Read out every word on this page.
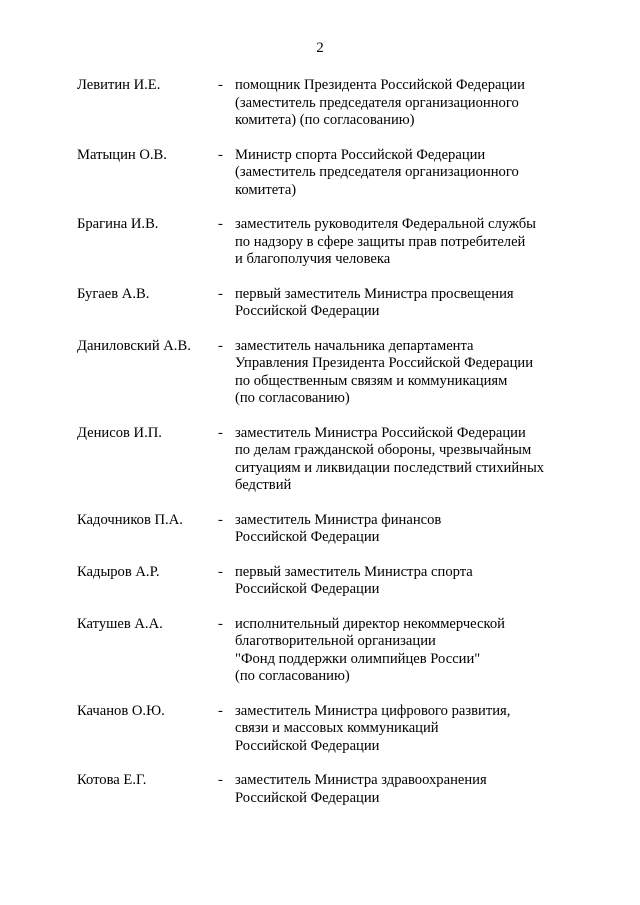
2
Левитин И.Е.	- помощник Президента Российской Федерации
(заместитель председателя организационного
комитета) (по согласованию)
Матыцин О.В.	- Министр спорта Российской Федерации
(заместитель председателя организационного
комитета)
Брагина И.В.	- заместитель руководителя Федеральной службы
по надзору в сфере защиты прав потребителей
и благополучия человека
Бугаев А.В.	- первый заместитель Министра просвещения
Российской Федерации
Даниловский А.В. - заместитель начальника департамента
Управления Президента Российской Федерации
по общественным связям и коммуникациям
(по согласованию)
Денисов И.П.	- заместитель Министра Российской Федерации
по делам гражданской обороны, чрезвычайным
ситуациям и ликвидации последствий стихийных
бедствий
Кадочников П.А. - заместитель Министра финансов
Российской Федерации
Кадыров А.Р.	- первый заместитель Министра спорта
Российской Федерации
Катушев А.А.	- исполнительный директор некоммерческой
благотворительной организации
"Фонд поддержки олимпийцев России"
(по согласованию)
Качанов О.Ю.	- заместитель Министра цифрового развития,
связи и массовых коммуникаций
Российской Федерации
Котова Е.Г.	- заместитель Министра здравоохранения
Российской Федерации
